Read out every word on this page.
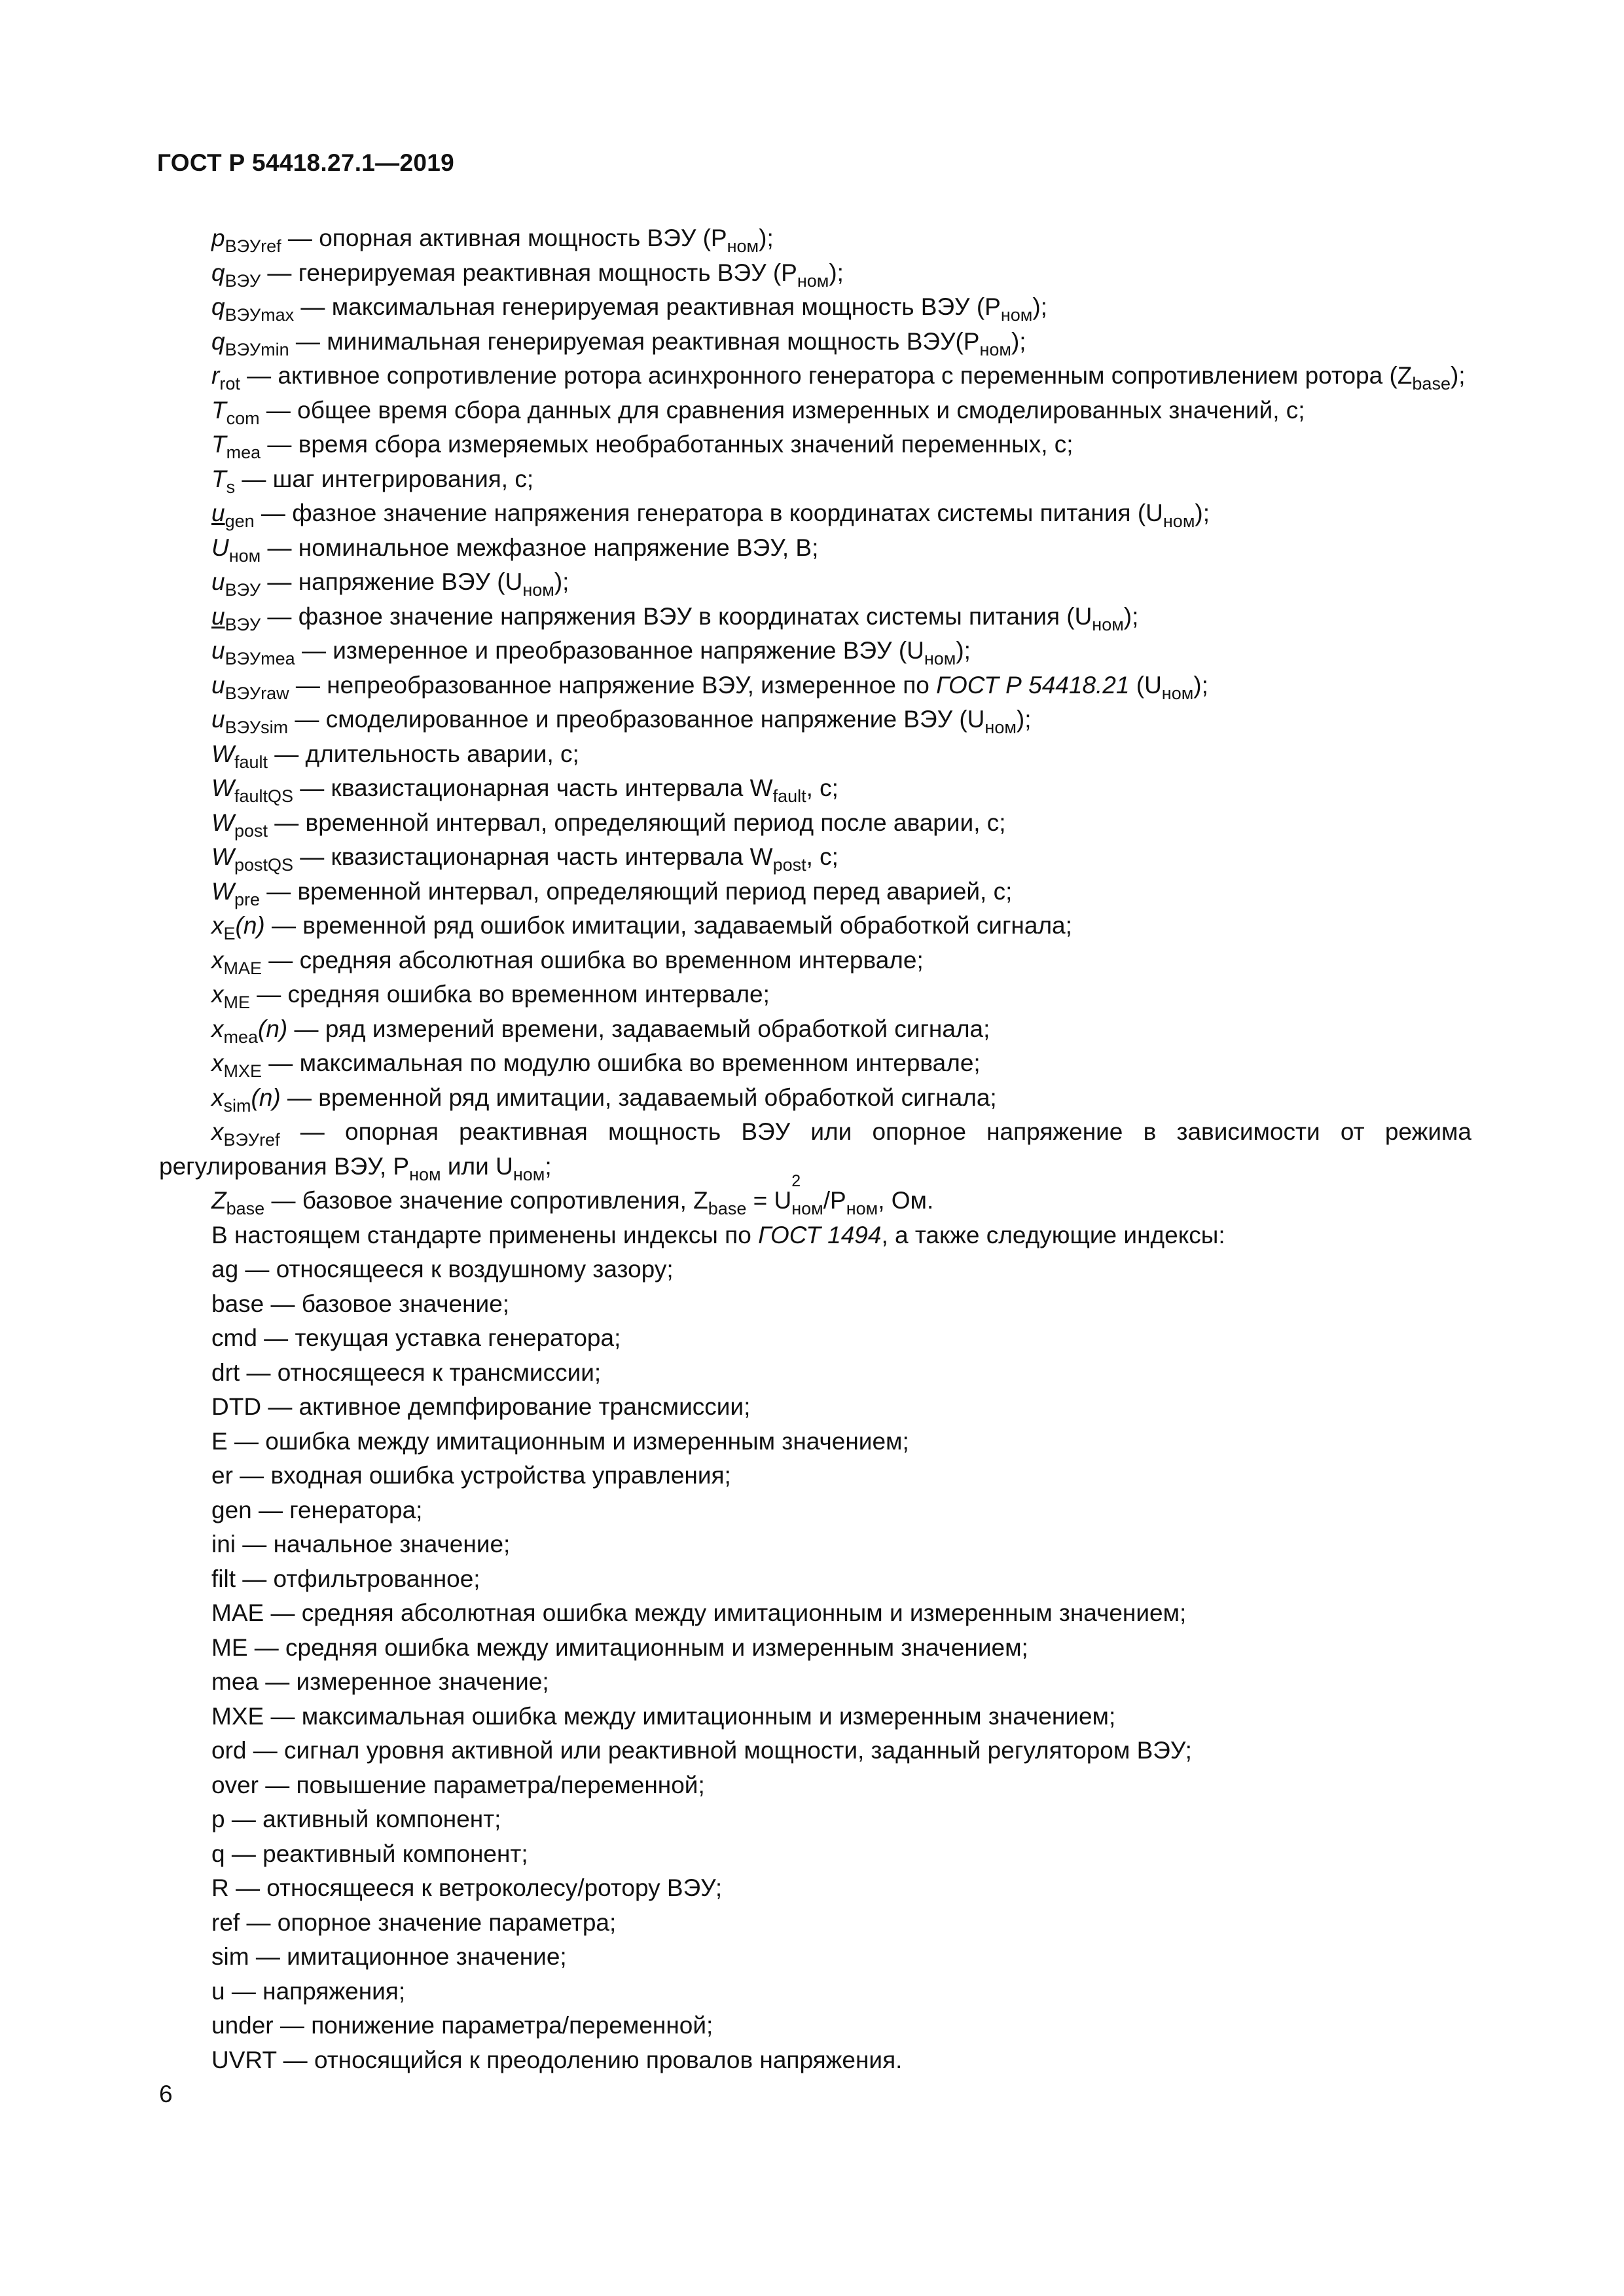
ГОСТ Р 54418.27.1—2019
$p_{ВЭУref}$ — опорная активная мощность ВЭУ $(P_{ном})$;
$q_{ВЭУ}$ — генерируемая реактивная мощность ВЭУ $(P_{ном})$;
$q_{ВЭУmax}$ — максимальная генерируемая реактивная мощность ВЭУ $(P_{ном})$;
$q_{ВЭУmin}$ — минимальная генерируемая реактивная мощность $ВЭУ(P_{ном})$;
$r_{rot}$ — активное сопротивление ротора асинхронного генератора с переменным сопротивлением ротора $(Z_{base})$;
$T_{com}$ — общее время сбора данных для сравнения измеренных и смоделированных значений, с;
$T_{mea}$ — время сбора измеряемых необработанных значений переменных, с;
$T_s$ — шаг интегрирования, с;
$u_{gen}$ — фазное значение напряжения генератора в координатах системы питания $(U_{ном})$;
$U_{ном}$ — номинальное межфазное напряжение ВЭУ, В;
$u_{ВЭУ}$ — напряжение ВЭУ $(U_{ном})$;
$u_{ВЭУ}$ — фазное значение напряжения ВЭУ в координатах системы питания $(U_{ном})$;
$u_{ВЭУmea}$ — измеренное и преобразованное напряжение ВЭУ $(U_{ном})$;
$u_{ВЭУraw}$ — непреобразованное напряжение ВЭУ, измеренное по ГОСТ Р 54418.21 $(U_{ном})$;
$u_{ВЭУsim}$ — смоделированное и преобразованное напряжение ВЭУ $(U_{ном})$;
$W_{fault}$ — длительность аварии, с;
$W_{faultQS}$ — квазистационарная часть интервала $W_{fault}$, с;
$W_{post}$ — временной интервал, определяющий период после аварии, с;
$W_{postQS}$ — квазистационарная часть интервала $W_{post}$, с;
$W_{pre}$ — временной интервал, определяющий период перед аварией, с;
$x_E(n)$ — временной ряд ошибок имитации, задаваемый обработкой сигнала;
$x_{MAE}$ — средняя абсолютная ошибка во временном интервале;
$x_{ME}$ — средняя ошибка во временном интервале;
$x_{mea}(n)$ — ряд измерений времени, задаваемый обработкой сигнала;
$x_{MXE}$ — максимальная по модулю ошибка во временном интервале;
$x_{sim}(n)$ — временной ряд имитации, задаваемый обработкой сигнала;
$x_{ВЭУref}$ — опорная реактивная мощность ВЭУ или опорное напряжение в зависимости от режима регулирования ВЭУ, $P_{ном}$ или $U_{ном}$;
$Z_{base}$ — базовое значение сопротивления, $Z_{base} = U$
2
$_{ном}/P_{ном}$, Ом.
В настоящем стандарте применены индексы по ГОСТ 1494, а также следующие индексы:
ag — относящееся к воздушному зазору;
base — базовое значение;
cmd — текущая уставка генератора;
drt — относящееся к трансмиссии;
DTD — активное демпфирование трансмиссии;
E — ошибка между имитационным и измеренным значением;
er — входная ошибка устройства управления;
gen — генератора;
ini — начальное значение;
filt — отфильтрованное;
MAE — средняя абсолютная ошибка между имитационным и измеренным значением;
ME — средняя ошибка между имитационным и измеренным значением;
mea — измеренное значение;
MXE — максимальная ошибка между имитационным и измеренным значением;
ord — сигнал уровня активной или реактивной мощности, заданный регулятором ВЭУ;
over — повышение параметра/переменной;
p — активный компонент;
q — реактивный компонент;
R — относящееся к ветроколесу/ротору ВЭУ;
ref — опорное значение параметра;
sim — имитационное значение;
u — напряжения;
under — понижение параметра/переменной;
UVRT — относящийся к преодолению провалов напряжения.
6
